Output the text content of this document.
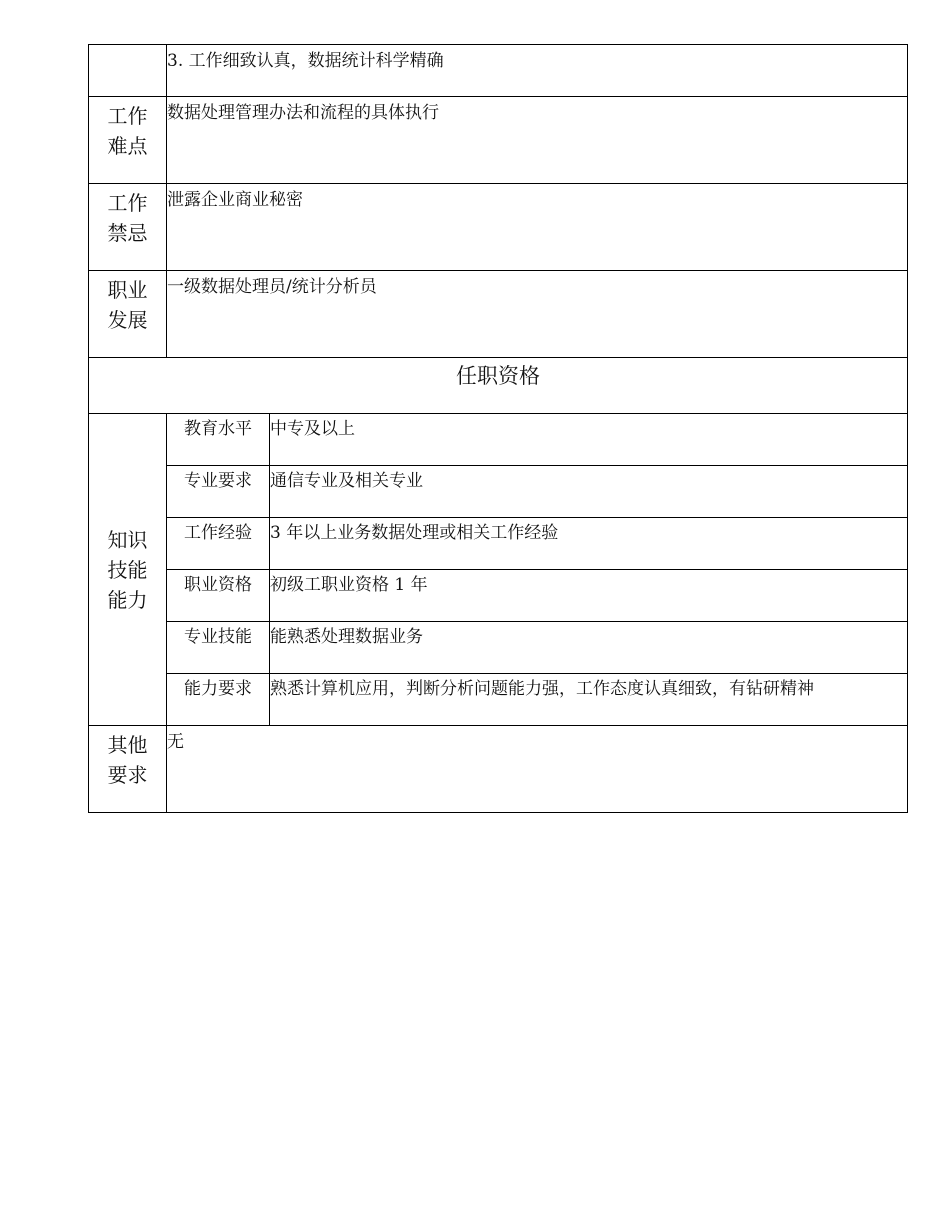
	3. 工作细致认真，数据统计科学精确	

工作
难点	数据处理管理办法和流程的具体执行	

工作
禁忌	泄露企业商业秘密	

职业
发展	一级数据处理员/统计分析员	
任职资格		

知识
技能
能力	教育水平	中专及以上
	专业要求	通信专业及相关专业
	工作经验	3 年以上业务数据处理或相关工作经验
	职业资格	初级工职业资格 1 年
	专业技能	能熟悉处理数据业务
	能力要求	熟悉计算机应用，判断分析问题能力强，工作态度认真细致，有钻研精神

其他
要求	无	
